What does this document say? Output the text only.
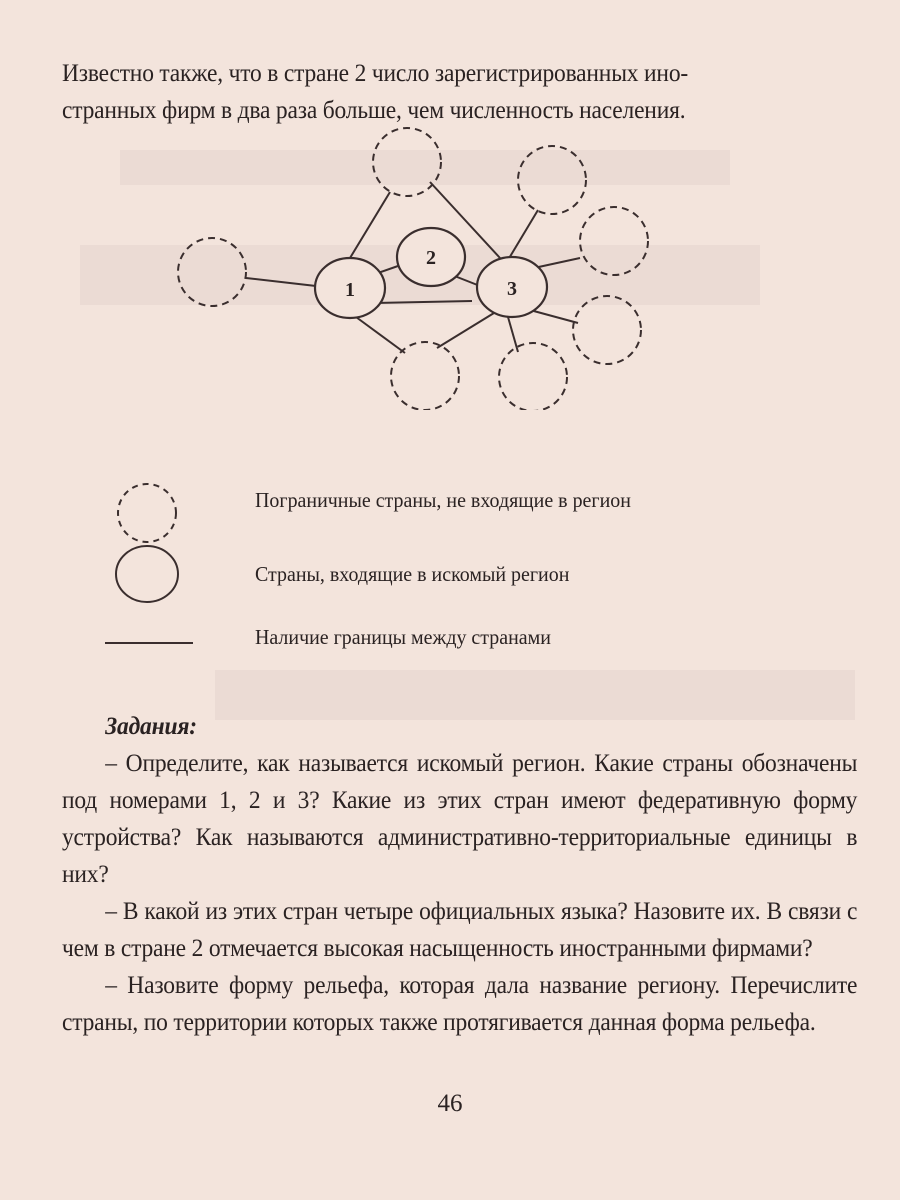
Известно также, что в стране 2 число зарегистрированных ино-
странных фирм в два раза больше, чем численность населения.
1
2
3
Пограничные страны, не входящие в регион
Страны, входящие в искомый регион
Наличие границы между странами
Задания:
– Определите, как называется искомый регион. Какие страны обозначены под номерами 1, 2 и 3? Какие из этих стран имеют федеративную форму устройства? Как называются административно-территориальные единицы в них?
– В какой из этих стран четыре официальных языка? Назовите их. В связи с чем в стране 2 отмечается высокая насыщенность иностранными фирмами?
– Назовите форму рельефа, которая дала название региону. Перечислите страны, по территории которых также протягивается данная форма рельефа.
46
